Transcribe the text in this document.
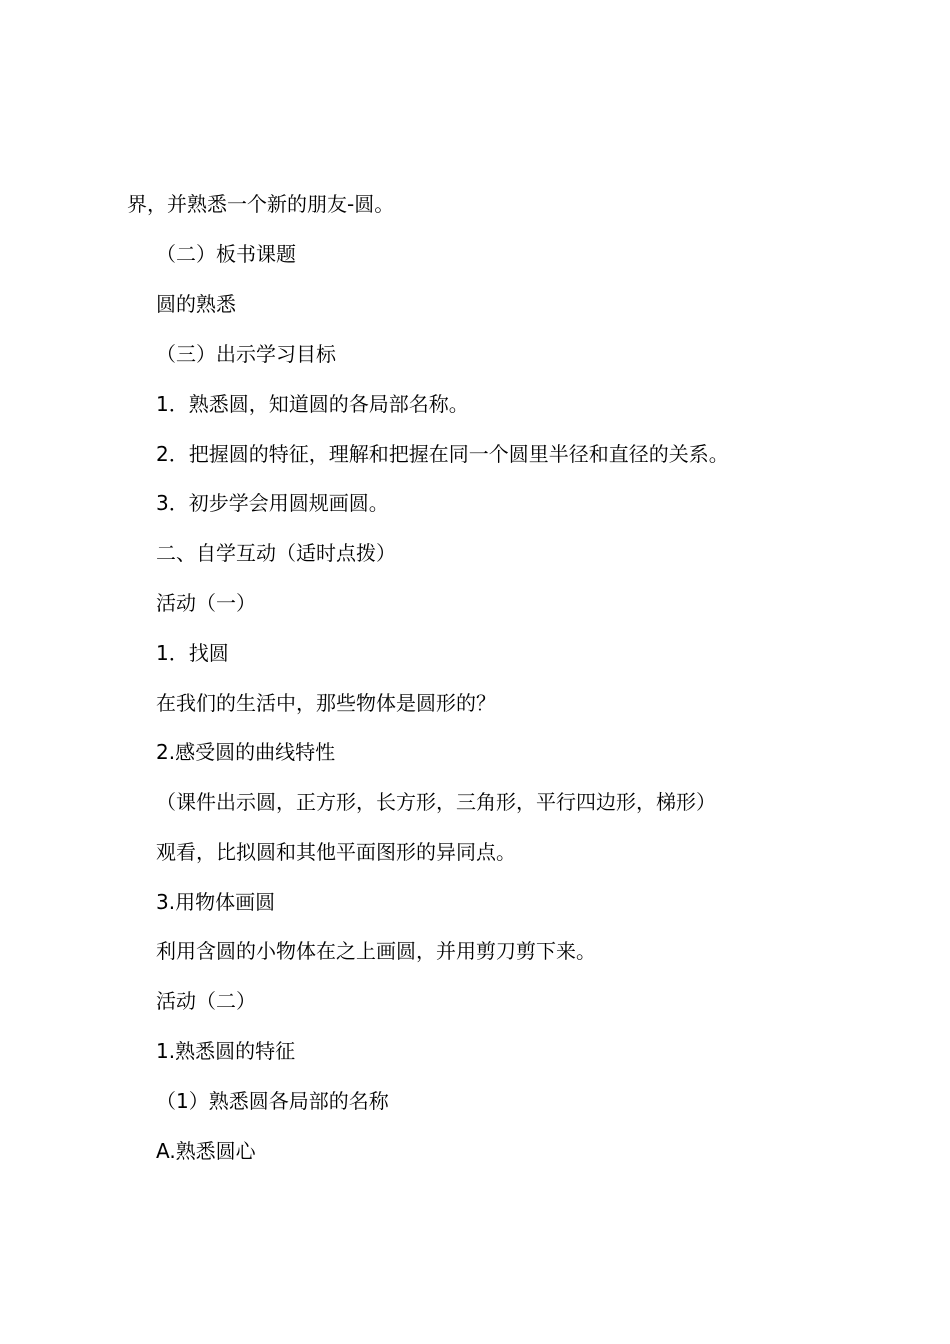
界，并熟悉一个新的朋友-圆。
（二）板书课题
圆的熟悉
（三）出示学习目标
1．熟悉圆，知道圆的各局部名称。
2．把握圆的特征，理解和把握在同一个圆里半径和直径的关系。
3．初步学会用圆规画圆。
二、自学互动（适时点拨）
活动（一）
1．找圆
在我们的生活中，那些物体是圆形的？
2.感受圆的曲线特性
（课件出示圆，正方形，长方形，三角形，平行四边形，梯形）
观看，比拟圆和其他平面图形的异同点。
3.用物体画圆
利用含圆的小物体在之上画圆，并用剪刀剪下来。
活动（二）
1.熟悉圆的特征
（1）熟悉圆各局部的名称
A.熟悉圆心
